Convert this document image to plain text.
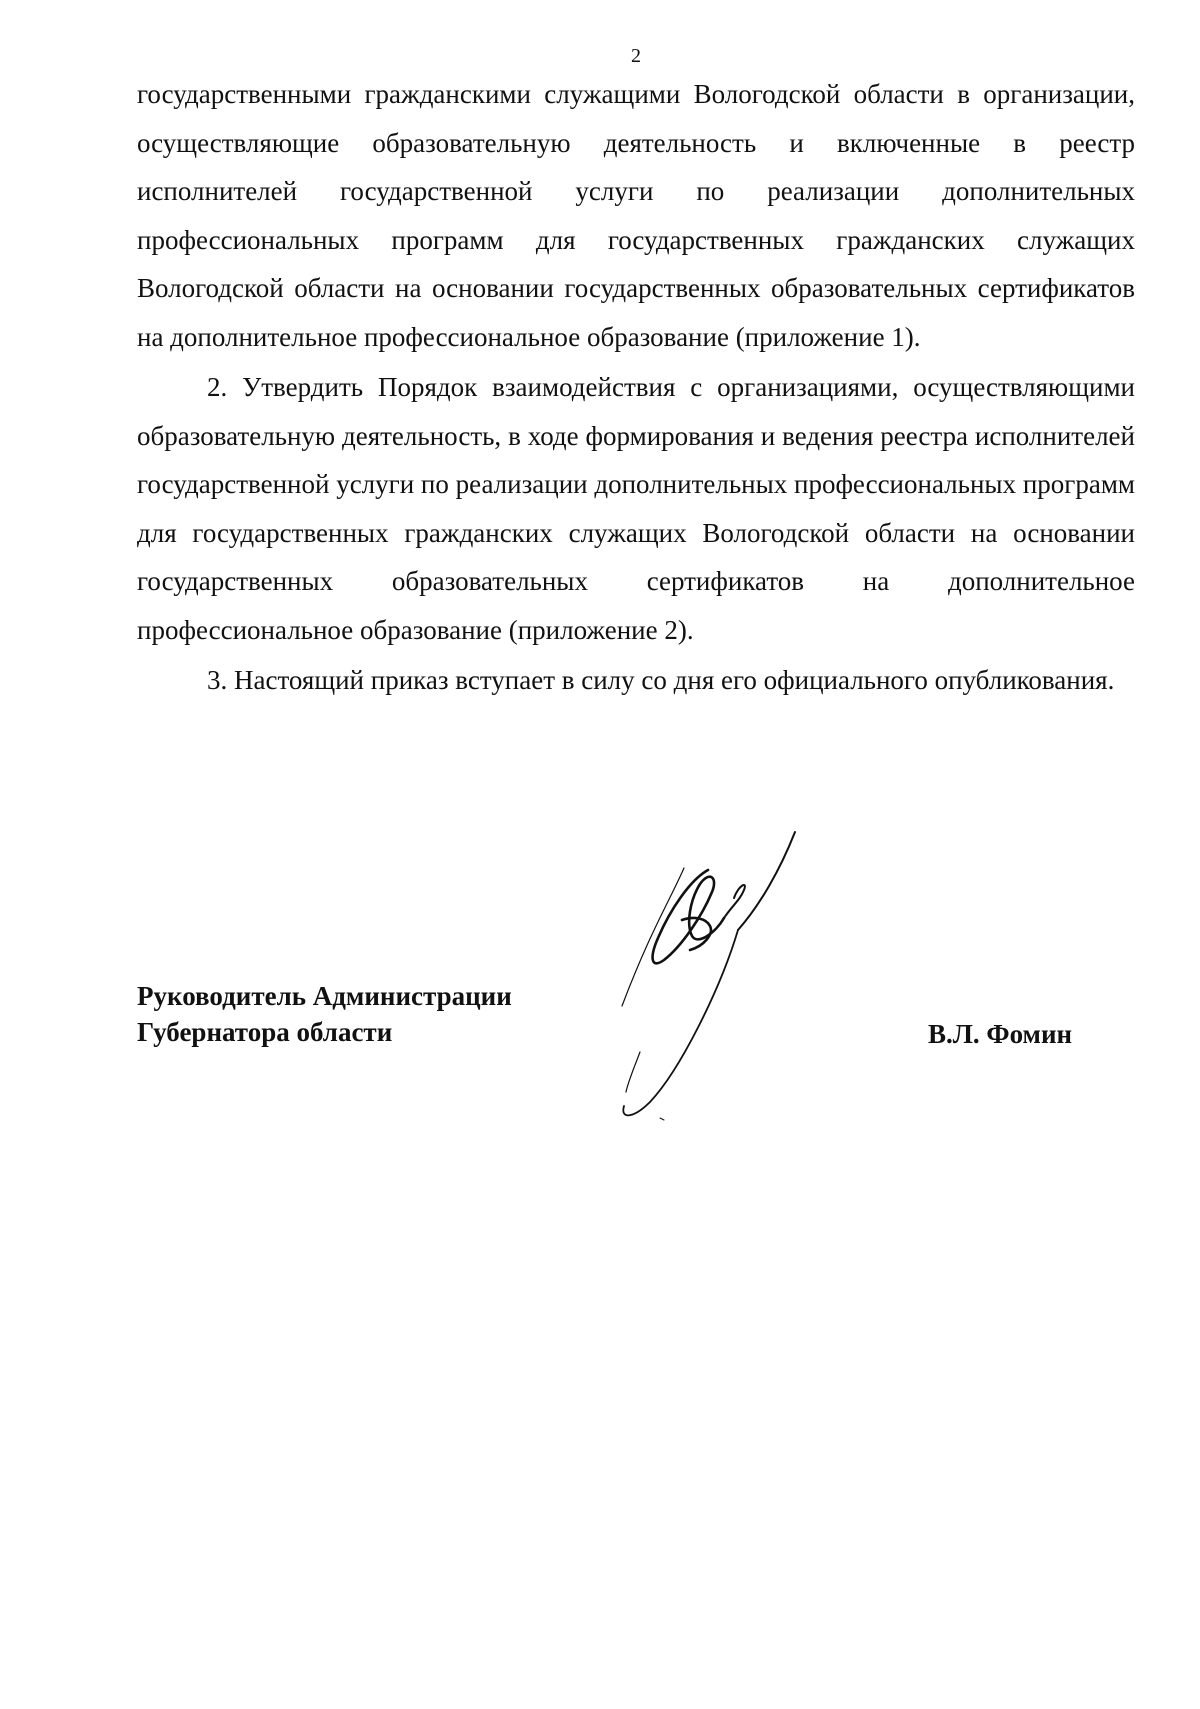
2

государственными гражданскими служащими Вологодской области в организации, осуществляющие образовательную деятельность и включенные в реестр исполнителей государственной услуги по реализации дополнительных профессиональных программ для государственных гражданских служащих Вологодской области на основании государственных образовательных сертификатов на дополнительное профессиональное образование (приложение 1).

2. Утвердить Порядок взаимодействия с организациями, осуществляющими образовательную деятельность, в ходе формирования и ведения реестра исполнителей государственной услуги по реализации дополнительных профессиональных программ для государственных гражданских служащих Вологодской области на основании государственных образовательных сертификатов на дополнительное профессиональное образование (приложение 2).

3. Настоящий приказ вступает в силу со дня его официального опубликования.

Руководитель Администрации
Губернатора области	В.Л. Фомин
